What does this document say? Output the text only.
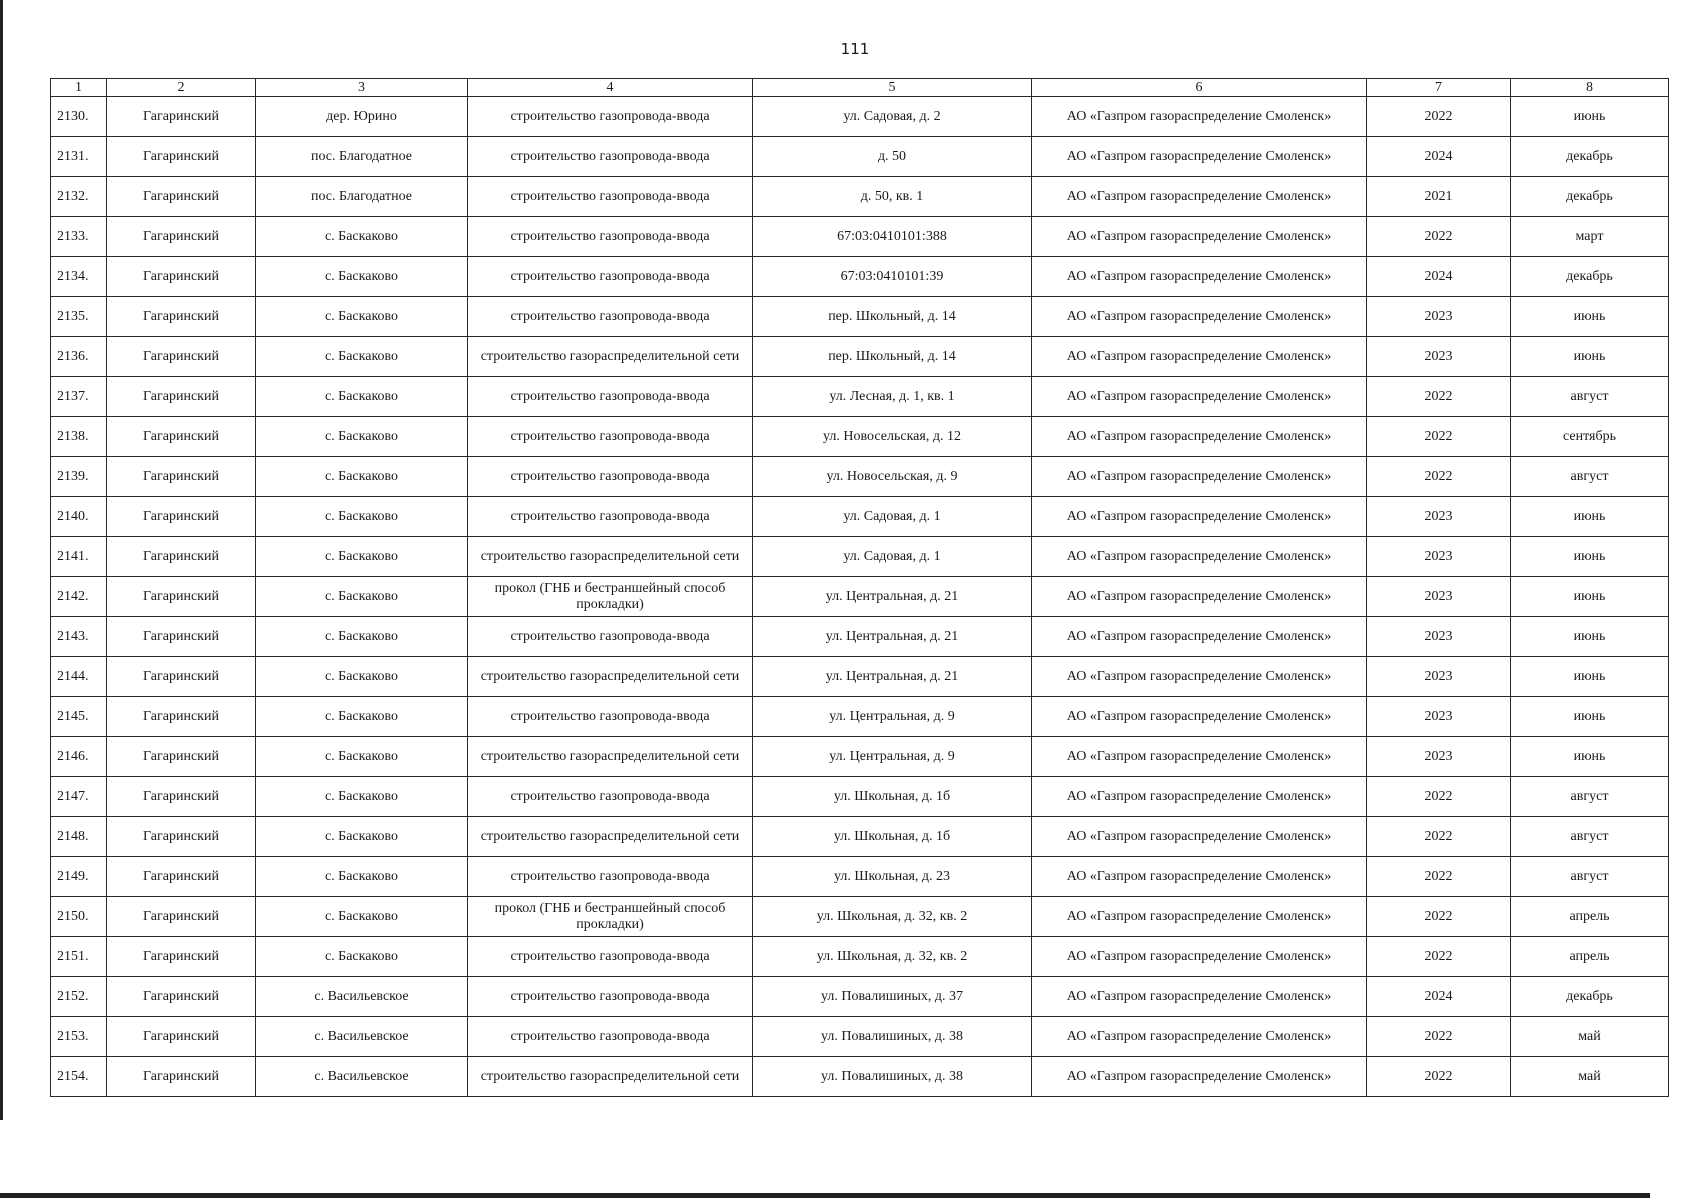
111
1	2	3	4	5	6	7	8
2130.	Гагаринский	дер. Юрино	строительство газопровода-ввода	ул. Садовая, д. 2	АО «Газпром газораспределение Смоленск»	2022	июнь
2131.	Гагаринский	пос. Благодатное	строительство газопровода-ввода	д. 50	АО «Газпром газораспределение Смоленск»	2024	декабрь
2132.	Гагаринский	пос. Благодатное	строительство газопровода-ввода	д. 50, кв. 1	АО «Газпром газораспределение Смоленск»	2021	декабрь
2133.	Гагаринский	с. Баскаково	строительство газопровода-ввода	67:03:0410101:388	АО «Газпром газораспределение Смоленск»	2022	март
2134.	Гагаринский	с. Баскаково	строительство газопровода-ввода	67:03:0410101:39	АО «Газпром газораспределение Смоленск»	2024	декабрь
2135.	Гагаринский	с. Баскаково	строительство газопровода-ввода	пер. Школьный, д. 14	АО «Газпром газораспределение Смоленск»	2023	июнь
2136.	Гагаринский	с. Баскаково	строительство газораспределительной сети	пер. Школьный, д. 14	АО «Газпром газораспределение Смоленск»	2023	июнь
2137.	Гагаринский	с. Баскаково	строительство газопровода-ввода	ул. Лесная, д. 1, кв. 1	АО «Газпром газораспределение Смоленск»	2022	август
2138.	Гагаринский	с. Баскаково	строительство газопровода-ввода	ул. Новосельская, д. 12	АО «Газпром газораспределение Смоленск»	2022	сентябрь
2139.	Гагаринский	с. Баскаково	строительство газопровода-ввода	ул. Новосельская, д. 9	АО «Газпром газораспределение Смоленск»	2022	август
2140.	Гагаринский	с. Баскаково	строительство газопровода-ввода	ул. Садовая, д. 1	АО «Газпром газораспределение Смоленск»	2023	июнь
2141.	Гагаринский	с. Баскаково	строительство газораспределительной сети	ул. Садовая, д. 1	АО «Газпром газораспределение Смоленск»	2023	июнь
2142.	Гагаринский	с. Баскаково	прокол (ГНБ и бестраншейный способ прокладки)	ул. Центральная, д. 21	АО «Газпром газораспределение Смоленск»	2023	июнь
2143.	Гагаринский	с. Баскаково	строительство газопровода-ввода	ул. Центральная, д. 21	АО «Газпром газораспределение Смоленск»	2023	июнь
2144.	Гагаринский	с. Баскаково	строительство газораспределительной сети	ул. Центральная, д. 21	АО «Газпром газораспределение Смоленск»	2023	июнь
2145.	Гагаринский	с. Баскаково	строительство газопровода-ввода	ул. Центральная, д. 9	АО «Газпром газораспределение Смоленск»	2023	июнь
2146.	Гагаринский	с. Баскаково	строительство газораспределительной сети	ул. Центральная, д. 9	АО «Газпром газораспределение Смоленск»	2023	июнь
2147.	Гагаринский	с. Баскаково	строительство газопровода-ввода	ул. Школьная, д. 1б	АО «Газпром газораспределение Смоленск»	2022	август
2148.	Гагаринский	с. Баскаково	строительство газораспределительной сети	ул. Школьная, д. 1б	АО «Газпром газораспределение Смоленск»	2022	август
2149.	Гагаринский	с. Баскаково	строительство газопровода-ввода	ул. Школьная, д. 23	АО «Газпром газораспределение Смоленск»	2022	август
2150.	Гагаринский	с. Баскаково	прокол (ГНБ и бестраншейный способ прокладки)	ул. Школьная, д. 32, кв. 2	АО «Газпром газораспределение Смоленск»	2022	апрель
2151.	Гагаринский	с. Баскаково	строительство газопровода-ввода	ул. Школьная, д. 32, кв. 2	АО «Газпром газораспределение Смоленск»	2022	апрель
2152.	Гагаринский	с. Васильевское	строительство газопровода-ввода	ул. Повалишиных, д. 37	АО «Газпром газораспределение Смоленск»	2024	декабрь
2153.	Гагаринский	с. Васильевское	строительство газопровода-ввода	ул. Повалишиных, д. 38	АО «Газпром газораспределение Смоленск»	2022	май
2154.	Гагаринский	с. Васильевское	строительство газораспределительной сети	ул. Повалишиных, д. 38	АО «Газпром газораспределение Смоленск»	2022	май
